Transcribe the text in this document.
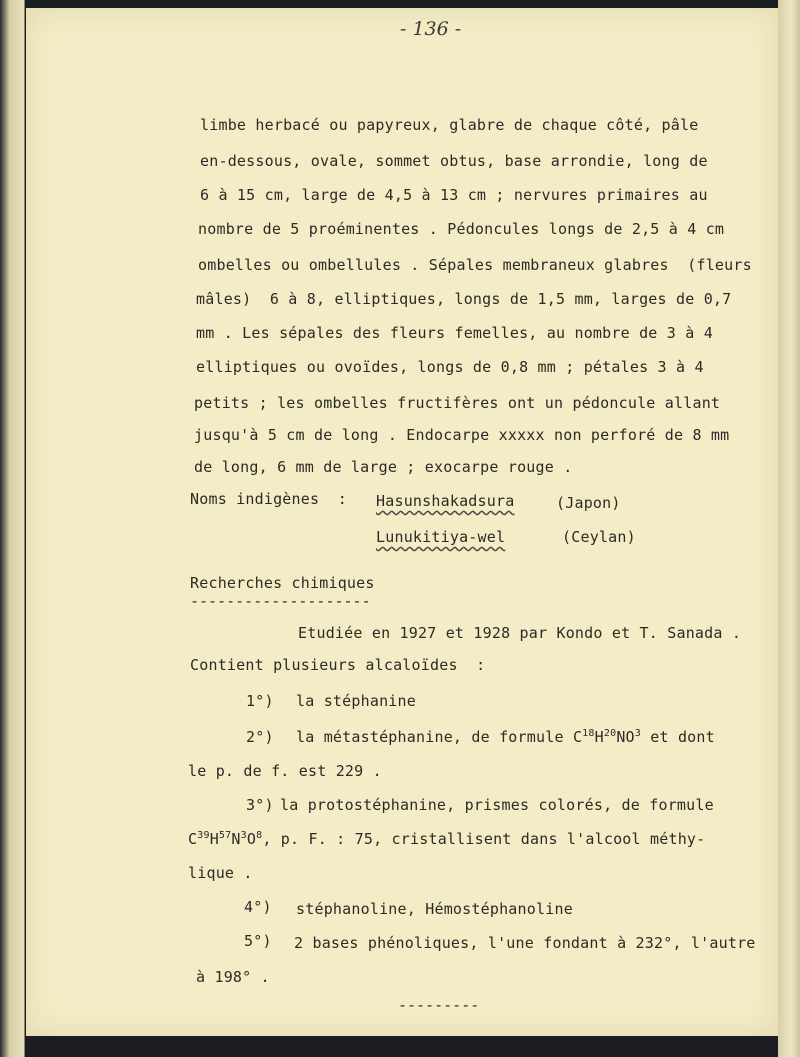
- 136 -
limbe herbacé ou papyreux, glabre de chaque côté, pâle
en-dessous, ovale, sommet obtus, base arrondie, long de
6 à 15 cm, large de 4,5 à 13 cm ; nervures primaires au
nombre de 5 proéminentes . Pédoncules longs de 2,5 à 4 cm
ombelles ou ombellules . Sépales membraneux glabres  (fleurs
mâles)  6 à 8, elliptiques, longs de 1,5 mm, larges de 0,7
mm . Les sépales des fleurs femelles, au nombre de 3 à 4
elliptiques ou ovoïdes, longs de 0,8 mm ; pétales 3 à 4
petits ; les ombelles fructifères ont un pédoncule allant
jusqu'à 5 cm de long . Endocarpe xxxxx non perforé de 8 mm
de long, 6 mm de large ; exocarpe rouge .
Noms indigènes  : Hasunshakadsura	(Japon)
Lunukitiya-wel	(Ceylan)
Recherches chimiques
--------------------
Etudiée en 1927 et 1928 par Kondo et T. Sanada .
Contient plusieurs alcaloïdes  :
1°) la stéphanine
2°) la métastéphanine, de formule $C^{18}H^{20}NO^3$ et dont
le p. de f. est 229 .
3°) la protostéphanine, prismes colorés, de formule
$C^{39}H^{57}N^3O^8$, p. F. : 75, cristallisent dans l'alcool méthy-
lique .
4°) stéphanoline, Hémostéphanoline
5°) 2 bases phénoliques, l'une fondant à 232°, l'autre
à 198° .
---------
